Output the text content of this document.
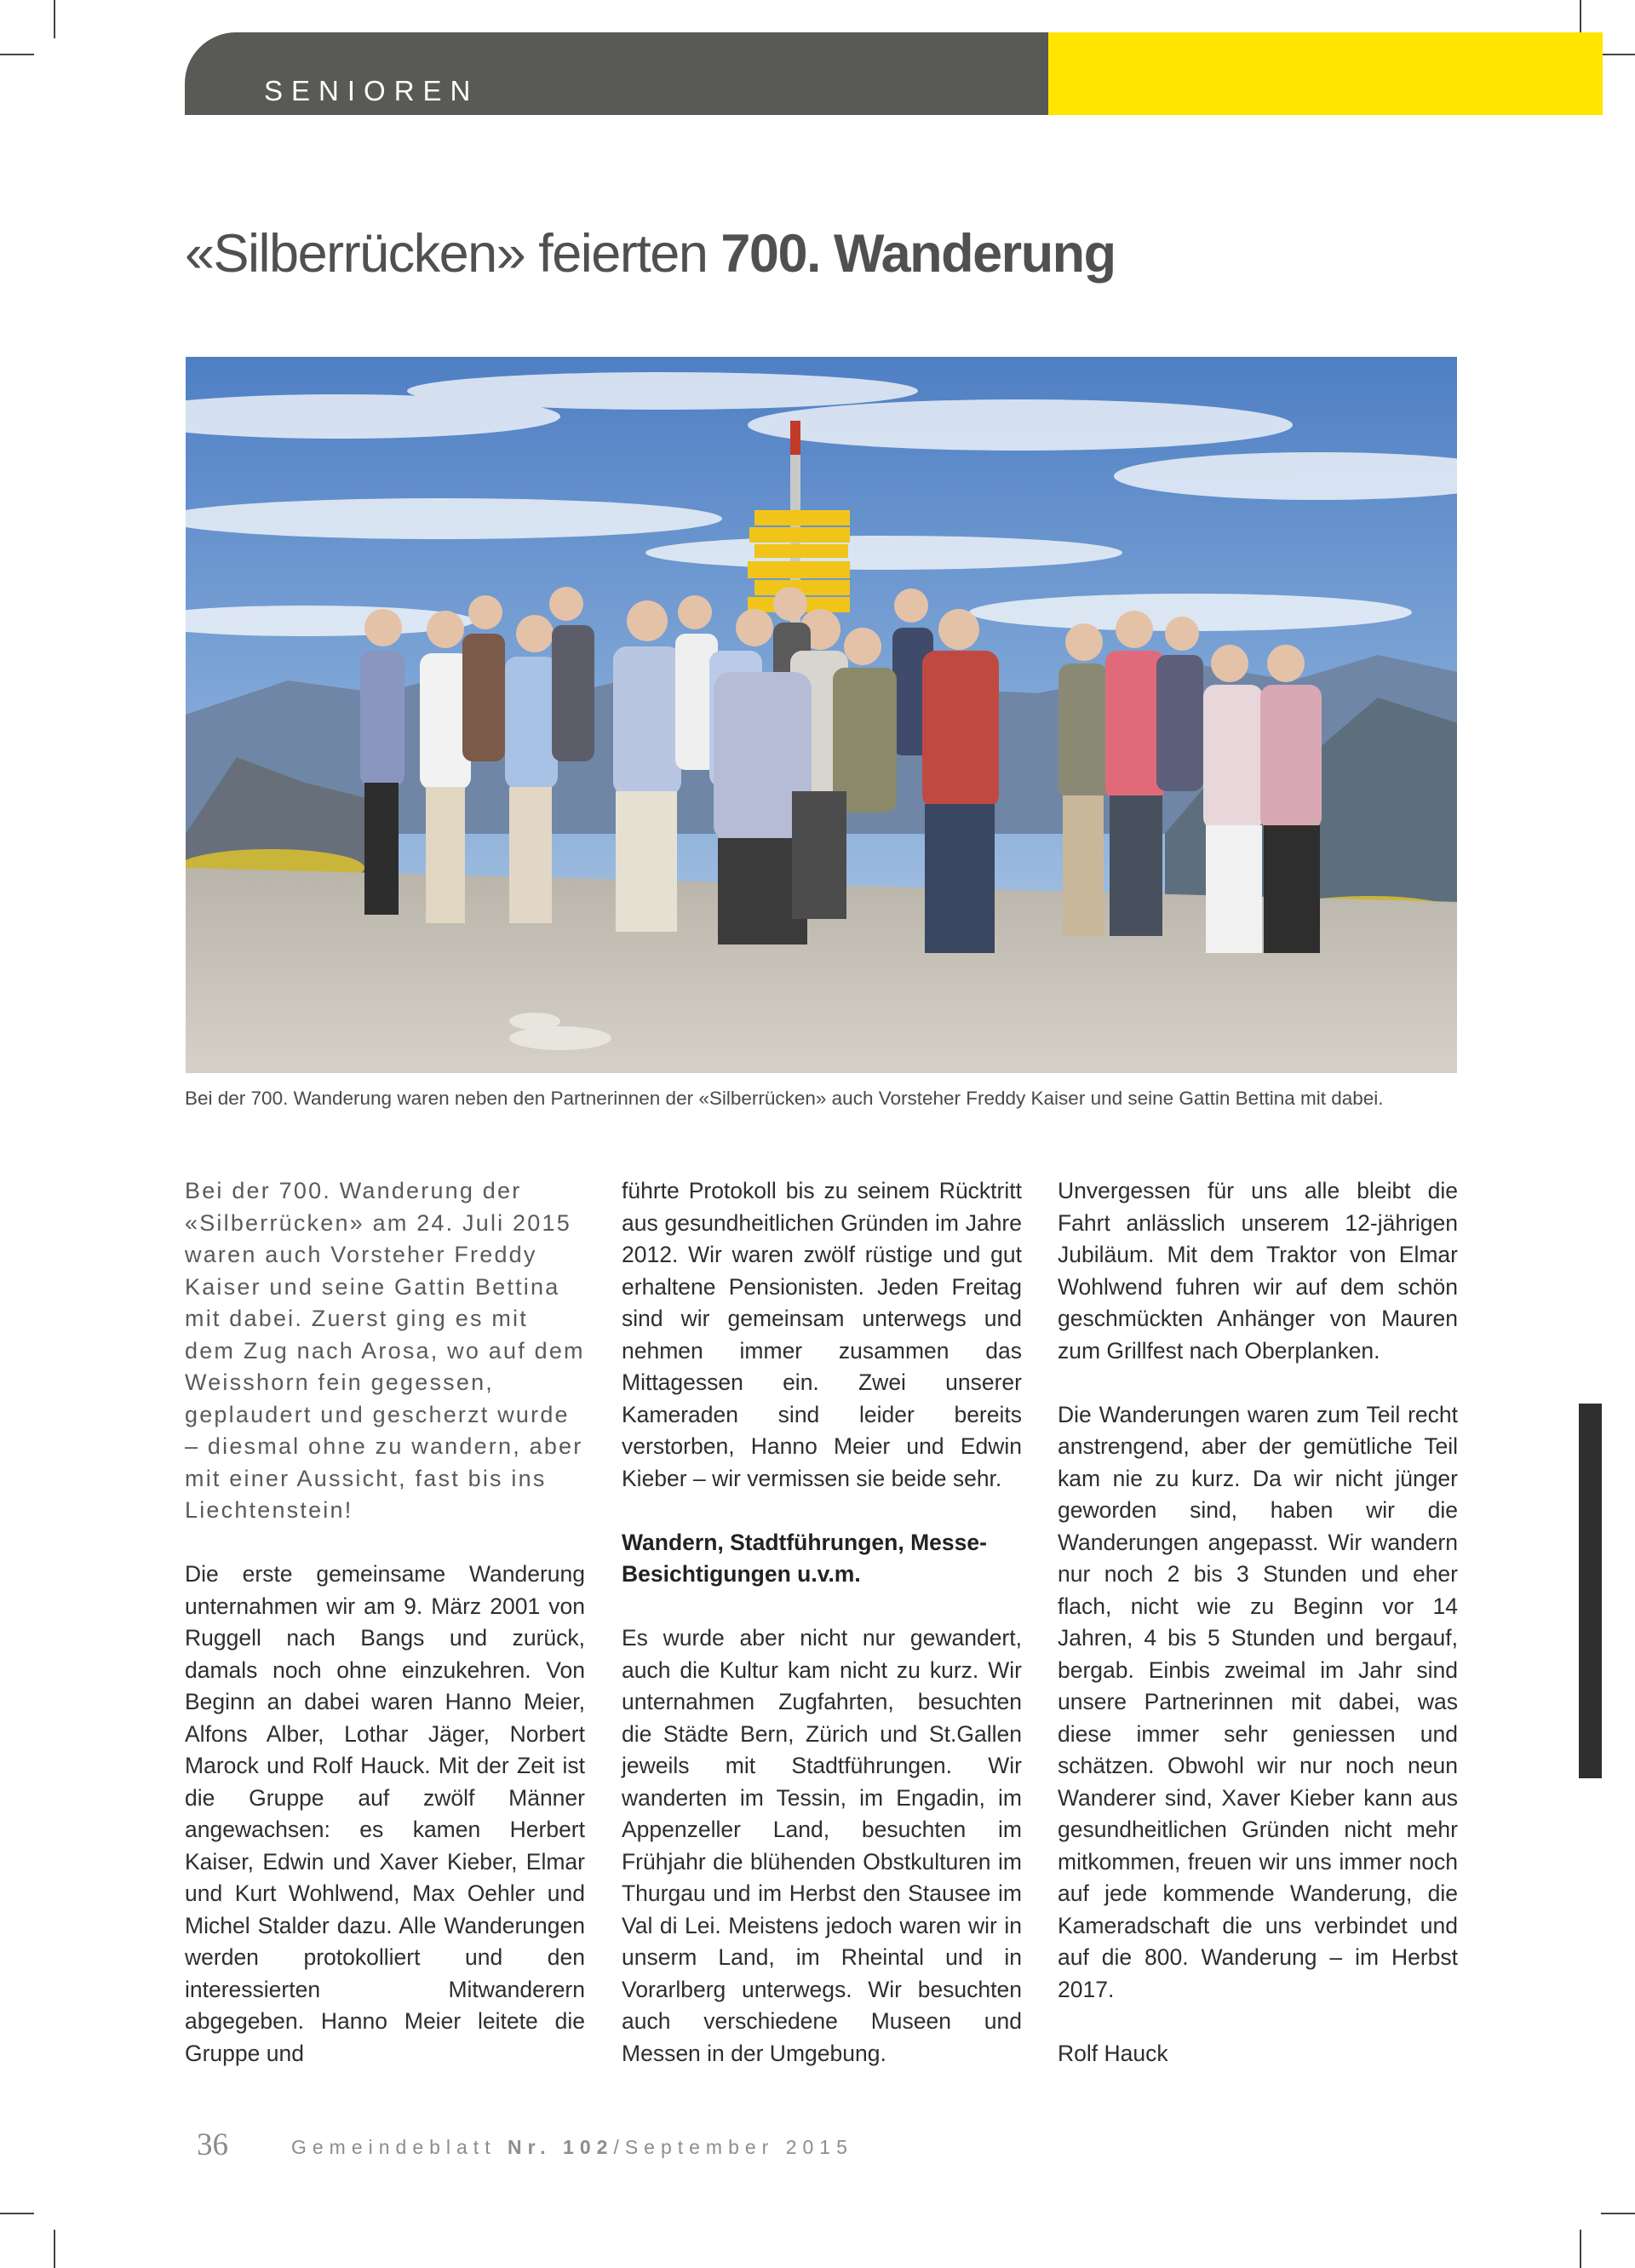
SENIOREN
«Silberrücken» feierten 700. Wanderung
Bei der 700. Wanderung waren neben den Partnerinnen der «Silberrücken» auch Vorsteher Freddy Kaiser und seine Gattin Bettina mit dabei.

Bei der 700. Wanderung der «Silberrücken» am 24. Juli 2015 waren auch Vorsteher Freddy Kaiser und seine Gattin Bettina mit dabei. Zuerst ging es mit dem Zug nach Arosa, wo auf dem Weisshorn fein gegessen, geplaudert und gescherzt wurde – diesmal ohne zu wandern, aber mit einer Aussicht, fast bis ins Liechtenstein!

Die erste gemeinsame Wanderung unternahmen wir am 9. März 2001 von Ruggell nach Bangs und zurück, damals noch ohne einzukehren. Von Beginn an dabei waren Hanno Meier, Alfons Alber, Lothar Jäger, Norbert Marock und Rolf Hauck. Mit der Zeit ist die Gruppe auf zwölf Männer angewachsen: es kamen Herbert Kaiser, Edwin und Xaver Kieber, Elmar und Kurt Wohlwend, Max Oehler und Michel Stalder dazu. Alle Wanderungen werden protokolliert und den interessierten Mitwanderern abgegeben. Hanno Meier leitete die Gruppe und

führte Protokoll bis zu seinem Rücktritt aus gesundheitlichen Gründen im Jahre 2012. Wir waren zwölf rüstige und gut erhaltene Pensionisten. Jeden Freitag sind wir gemeinsam unterwegs und nehmen immer zusammen das Mittagessen ein. Zwei unserer Kameraden sind leider bereits verstorben, Hanno Meier und Edwin Kieber – wir vermissen sie beide sehr.

Wandern, Stadtführungen, Messe-Besichtigungen u.v.m.

Es wurde aber nicht nur gewandert, auch die Kultur kam nicht zu kurz. Wir unternahmen Zugfahrten, besuchten die Städte Bern, Zürich und St.Gallen jeweils mit Stadtführungen. Wir wanderten im Tessin, im Engadin, im Appenzeller Land, besuchten im Frühjahr die blühenden Obstkulturen im Thurgau und im Herbst den Stausee im Val di Lei. Meistens jedoch waren wir in unserm Land, im Rheintal und in Vorarlberg unterwegs. Wir besuchten auch verschiedene Museen und Messen in der Umgebung.

Unvergessen für uns alle bleibt die Fahrt anlässlich unserem 12-jährigen Jubiläum. Mit dem Traktor von Elmar Wohlwend fuhren wir auf dem schön geschmückten Anhänger von Mauren zum Grillfest nach Oberplanken.

Die Wanderungen waren zum Teil recht anstrengend, aber der gemütliche Teil kam nie zu kurz. Da wir nicht jünger geworden sind, haben wir die Wanderungen angepasst. Wir wandern nur noch 2 bis 3 Stunden und eher flach, nicht wie zu Beginn vor 14 Jahren, 4 bis 5 Stunden und bergauf, bergab. Einbis zweimal im Jahr sind unsere Partnerinnen mit dabei, was diese immer sehr geniessen und schätzen. Obwohl wir nur noch neun Wanderer sind, Xaver Kieber kann aus gesundheitlichen Gründen nicht mehr mitkommen, freuen wir uns immer noch auf jede kommende Wanderung, die Kameradschaft die uns verbindet und auf die 800. Wanderung – im Herbst 2017.

Rolf Hauck

36	Gemeindeblatt Nr. 102/September 2015
